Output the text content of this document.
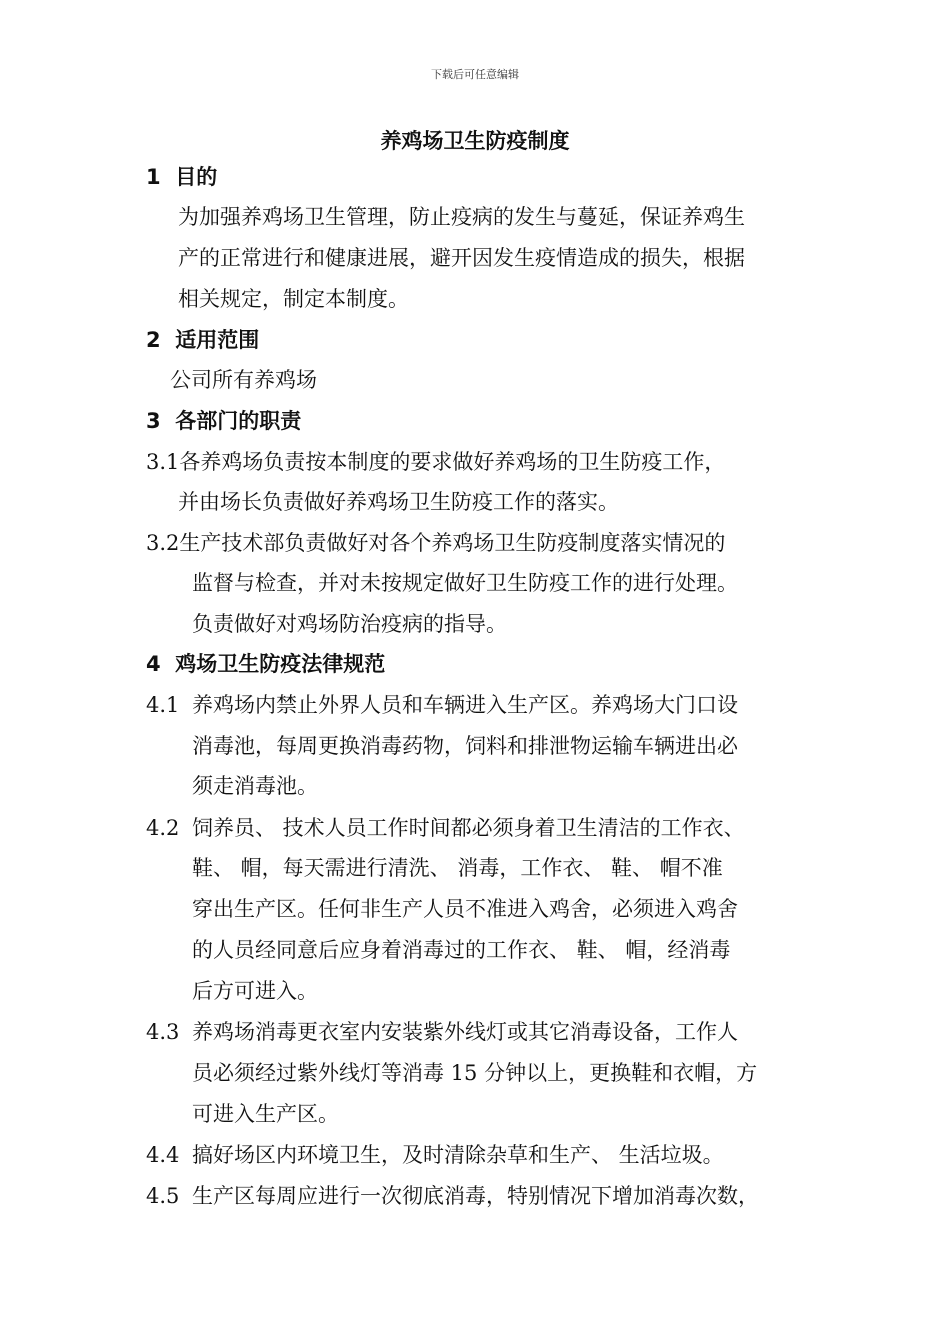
下载后可任意编辑
养鸡场卫生防疫制度
1 目的
为加强养鸡场卫生管理，防止疫病的发生与蔓延，保证养鸡生
产的正常进行和健康进展，避开因发生疫情造成的损失，根据
相关规定，制定本制度。
2 适用范围
公司所有养鸡场
3 各部门的职责
3.1各养鸡场负责按本制度的要求做好养鸡场的卫生防疫工作，
并由场长负责做好养鸡场卫生防疫工作的落实。
3.2生产技术部负责做好对各个养鸡场卫生防疫制度落实情况的
监督与检查，并对未按规定做好卫生防疫工作的进行处理。
负责做好对鸡场防治疫病的指导。
4 鸡场卫生防疫法律规范
4.1 养鸡场内禁止外界人员和车辆进入生产区。养鸡场大门口设
消毒池，每周更换消毒药物，饲料和排泄物运输车辆进出必
须走消毒池。
4.2 饲养员、 技术人员工作时间都必须身着卫生清洁的工作衣、
鞋、 帽，每天需进行清洗、 消毒，工作衣、 鞋、 帽不准
穿出生产区。任何非生产人员不准进入鸡舍，必须进入鸡舍
的人员经同意后应身着消毒过的工作衣、 鞋、 帽，经消毒
后方可进入。
4.3 养鸡场消毒更衣室内安装紫外线灯或其它消毒设备，工作人
员必须经过紫外线灯等消毒 15 分钟以上，更换鞋和衣帽，方
可进入生产区。
4.4 搞好场区内环境卫生，及时清除杂草和生产、 生活垃圾。
4.5 生产区每周应进行一次彻底消毒，特别情况下增加消毒次数，
